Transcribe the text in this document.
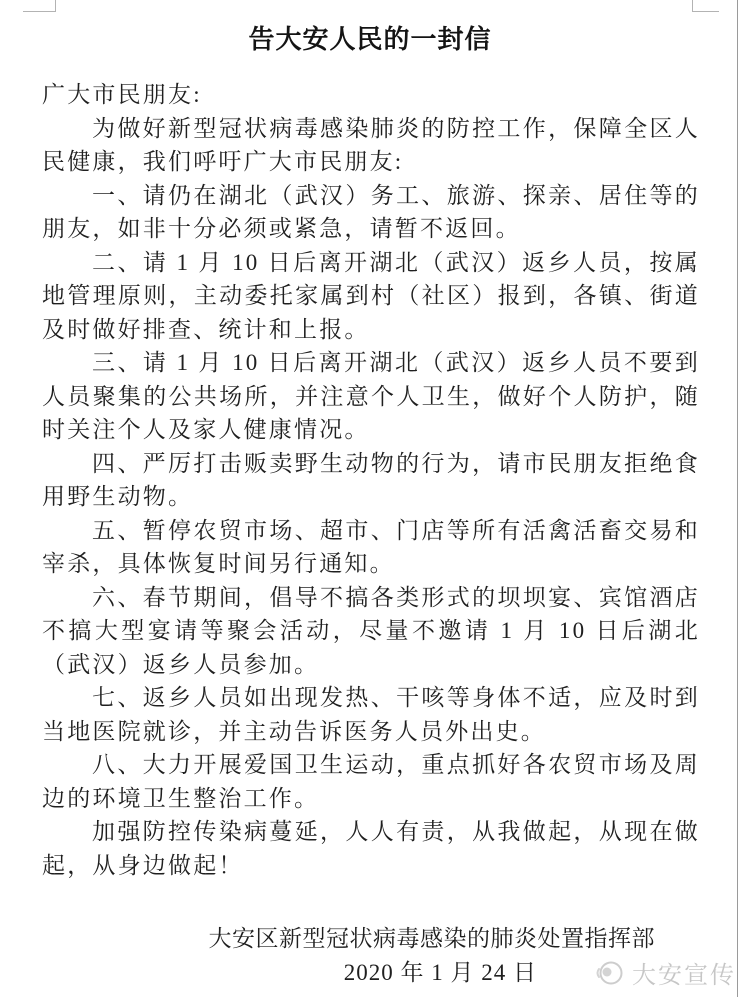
告大安人民的一封信

广大市民朋友:

为做好新型冠状病毒感染肺炎的防控工作，保障全区人民健康，我们呼吁广大市民朋友:

一、请仍在湖北（武汉）务工、旅游、探亲、居住等的朋友，如非十分必须或紧急，请暂不返回。

二、请 1 月 10 日后离开湖北（武汉）返乡人员，按属地管理原则，主动委托家属到村（社区）报到，各镇、街道及时做好排查、统计和上报。

三、请 1 月 10 日后离开湖北（武汉）返乡人员不要到人员聚集的公共场所，并注意个人卫生，做好个人防护，随时关注个人及家人健康情况。

四、严厉打击贩卖野生动物的行为，请市民朋友拒绝食用野生动物。

五、暂停农贸市场、超市、门店等所有活禽活畜交易和宰杀，具体恢复时间另行通知。

六、春节期间，倡导不搞各类形式的坝坝宴、宾馆酒店不搞大型宴请等聚会活动，尽量不邀请 1 月 10 日后湖北（武汉）返乡人员参加。

七、返乡人员如出现发热、干咳等身体不适，应及时到当地医院就诊，并主动告诉医务人员外出史。

八、大力开展爱国卫生运动，重点抓好各农贸市场及周边的环境卫生整治工作。

加强防控传染病蔓延，人人有责，从我做起，从现在做起，从身边做起！

大安区新型冠状病毒感染的肺炎处置指挥部

2020 年 1 月 24 日	大安宣传
